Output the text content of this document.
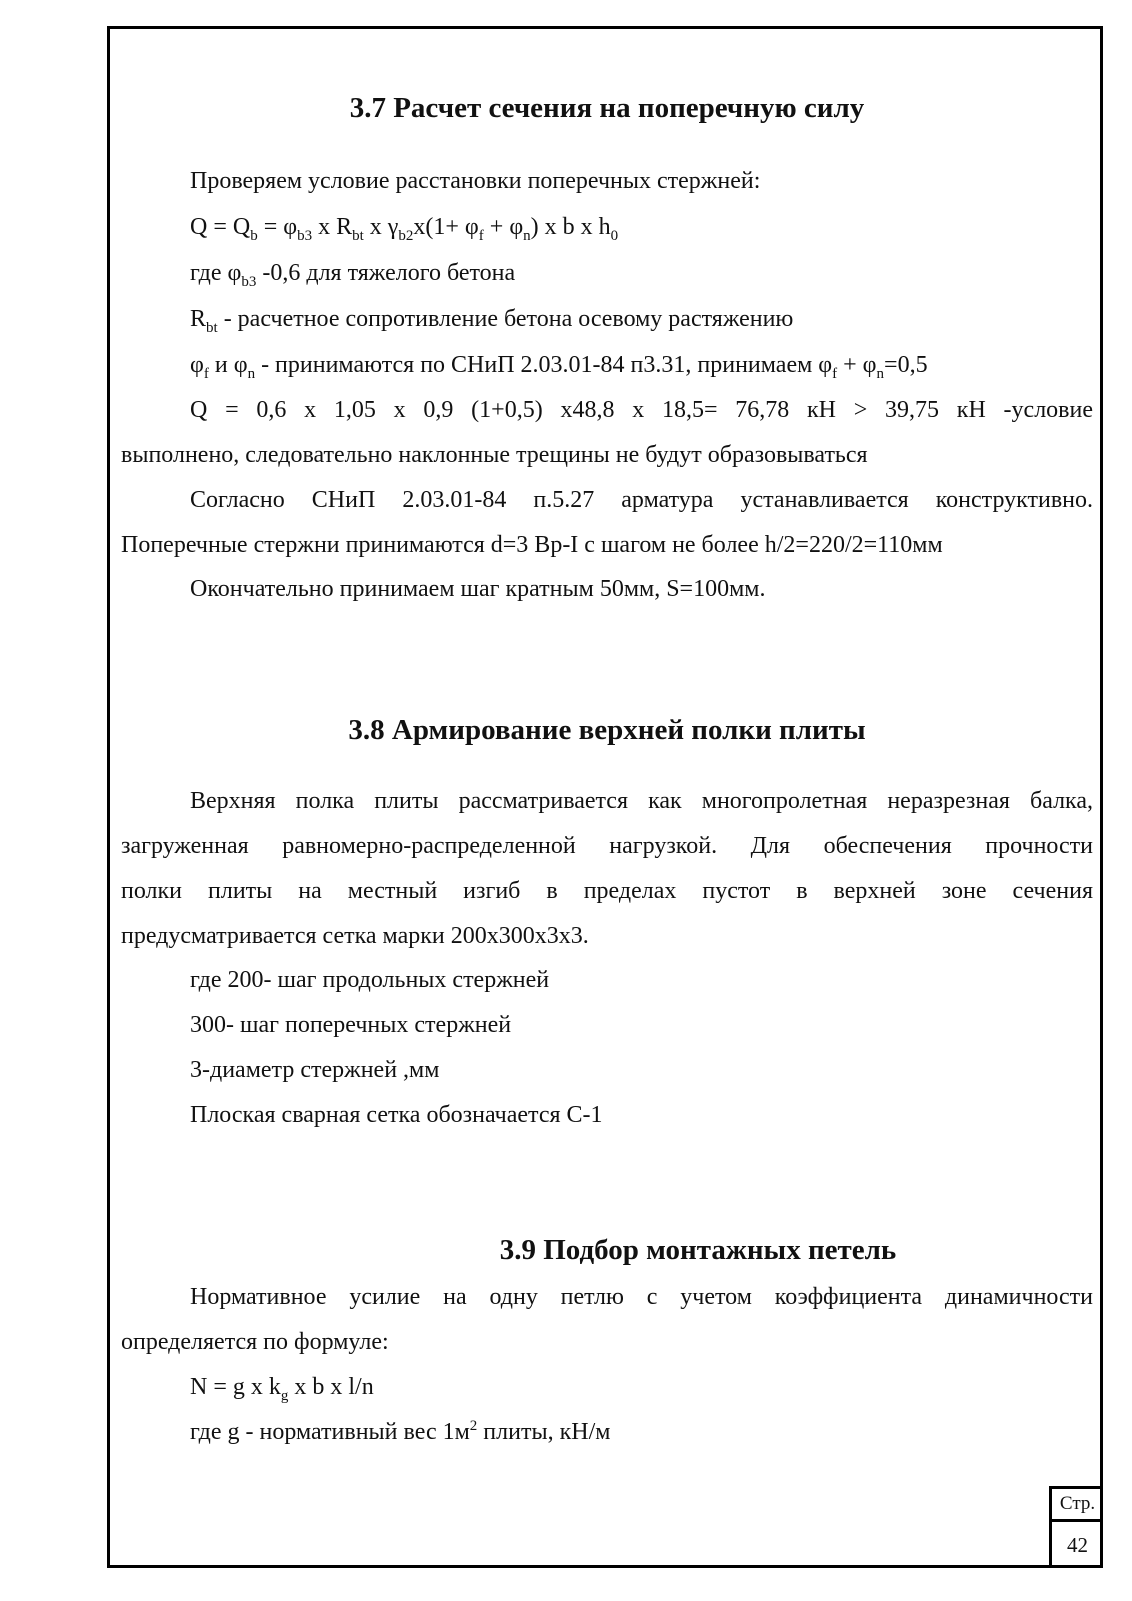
3.7 Расчет сечения на поперечную силу
Проверяем условие расстановки поперечных стержней:
$Q = Q_b = \varphi_{b3}$ x $R_{bt}$ x $\gamma_{b2}x(1+ \varphi_f + \varphi_n)$ x b x $h_0$
где $\varphi_{b3}$ -0,6 для тяжелого бетона
$R_{bt}$ - расчетное сопротивление бетона осевому растяжению
$\varphi_f$ и $\varphi_n$ - принимаются по СНиП 2.03.01-84 п3.31, принимаем $\varphi_f + \varphi_n=0,5$
Q = 0,6 x 1,05 x 0,9 (1+0,5) x48,8 x 18,5= 76,78 кН > 39,75 кН -условие
выполнено, следовательно наклонные трещины не будут образовываться
Согласно СНиП 2.03.01-84 п.5.27 арматура устанавливается конструктивно.
Поперечные стержни принимаются d=3 Вр-I с шагом не более h/2=220/2=110мм
Окончательно принимаем шаг кратным 50мм, S=100мм.
3.8 Армирование верхней полки плиты
Верхняя полка плиты рассматривается как многопролетная неразрезная балка,
загруженная равномерно-распределенной нагрузкой. Для обеспечения прочности
полки плиты на местный изгиб в пределах пустот в верхней зоне сечения
предусматривается сетка марки 200x300x3x3.
где 200- шаг продольных стержней
300- шаг поперечных стержней
3-диаметр стержней ,мм
Плоская сварная сетка обозначается С-1
3.9 Подбор монтажных петель
Нормативное усилие на одну петлю с учетом коэффициента динамичности
определяется по формуле:
N = g x $k_g$ x b x l/n
где g - нормативный вес $1м^2$ плиты, кН/м
Стр.
42
